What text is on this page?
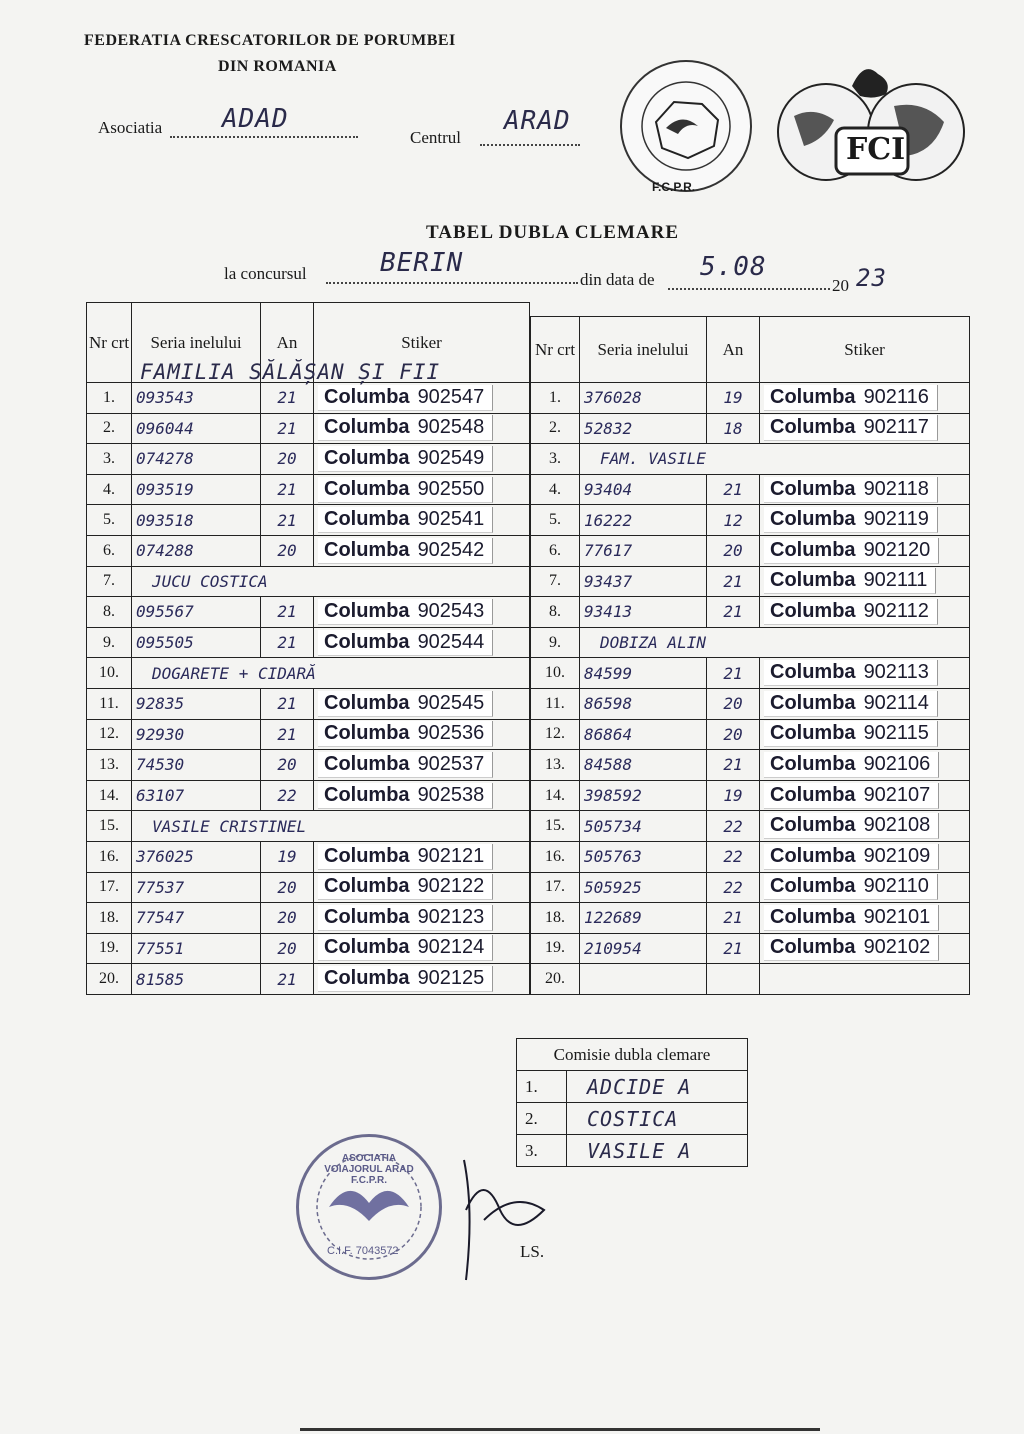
FEDERATIA CRESCATORILOR DE PORUMBEI
DIN ROMANIA
Asociatia ADAD
Centrul
ARAD
F.C.P.R.
FCI
TABEL DUBLA CLEMARE
la concursul	BERIN
din data de 5.08
20 23
Nr crt	Seria inelului	An	Stiker
1.	093543	21	Columba 902547
2.	096044	21	Columba 902548
3.	074278	20	Columba 902549
4.	093519	21	Columba 902550
5.	093518	21	Columba 902541
6.	074288	20	Columba 902542
7.	JUCU COSTICA		
8.	095567	21	Columba 902543
9.	095505	21	Columba 902544
10.	DOGARETE + CIDARĂ		
11.	92835	21	Columba 902545
12.	92930	21	Columba 902536
13.	74530	20	Columba 902537
14.	63107	22	Columba 902538
15.	VASILE CRISTINEL		
16.	376025	19	Columba 902121
17.	77537	20	Columba 902122
18.	77547	20	Columba 902123
19.	77551	20	Columba 902124
20.	81585	21	Columba 902125
FAMILIA SĂLĂȘAN ȘI FII
Nr crt	Seria inelului	An	Stiker
1.	376028	19	Columba 902116
2.	52832	18	Columba 902117
3.	FAM. VASILE		
4.	93404	21	Columba 902118
5.	16222	12	Columba 902119
6.	77617	20	Columba 902120
7.	93437	21	Columba 902111
8.	93413	21	Columba 902112
9.	DOBIZA ALIN		
10.	84599	21	Columba 902113
11.	86598	20	Columba 902114
12.	86864	20	Columba 902115
13.	84588	21	Columba 902106
14.	398592	19	Columba 902107
15.	505734	22	Columba 902108
16.	505763	22	Columba 902109
17.	505925	22	Columba 902110
18.	122689	21	Columba 902101
19.	210954	21	Columba 902102
20.			
Comisie dubla clemare	
1.	ADCIDE A
2.	COSTICA
3.	VASILE A
ASOCIATIA VOIAJORUL ARAD F.C.P.R.
C.I.F. 7043572	LS.
